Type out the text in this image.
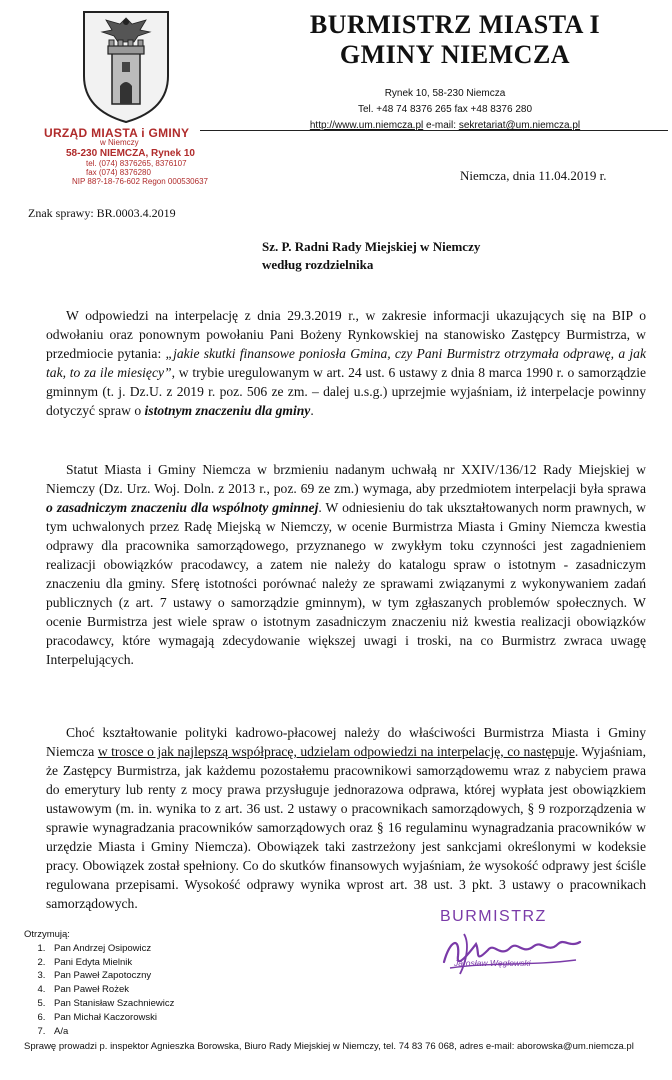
BURMISTRZ MIASTA I
GMINY NIEMCZA
Rynek 10, 58-230 Niemcza
Tel. +48 74 8376 265 fax +48 8376 280
http://www.um.niemcza.pl e-mail: sekretariat@um.niemcza.pl
URZĄD MIASTA i GMINY
w Niemczy
58-230 NIEMCZA, Rynek 10
tel. (074) 8376265, 8376107
fax (074) 8376280
NIP 88?-18-76-602 Regon 000530637
Znak sprawy: BR.0003.4.2019
Niemcza, dnia 11.04.2019 r.
Sz. P. Radni Rady Miejskiej w Niemczy
według rozdzielnika

W odpowiedzi na interpelację z dnia 29.3.2019 r., w zakresie informacji ukazujących się na BIP o odwołaniu oraz ponownym powołaniu Pani Bożeny Rynkowskiej na stanowisko Zastępcy Burmistrza, w przedmiocie pytania: „jakie skutki finansowe poniosła Gmina, czy Pani Burmistrz otrzymała odprawę, a jak tak, to za ile miesięcy”, w trybie uregulowanym w art. 24 ust. 6 ustawy z dnia 8 marca 1990 r. o samorządzie gminnym (t. j. Dz.U. z 2019 r. poz. 506 ze zm. – dalej u.s.g.) uprzejmie wyjaśniam, iż interpelacje powinny dotyczyć spraw o istotnym znaczeniu dla gminy.

Statut Miasta i Gminy Niemcza w brzmieniu nadanym uchwałą nr XXIV/136/12 Rady Miejskiej w Niemczy (Dz. Urz. Woj. Doln. z 2013 r., poz. 69 ze zm.) wymaga, aby przedmiotem interpelacji była sprawa o zasadniczym znaczeniu dla wspólnoty gminnej. W odniesieniu do tak ukształtowanych norm prawnych, w tym uchwalonych przez Radę Miejską w Niemczy, w ocenie Burmistrza Miasta i Gminy Niemcza kwestia odprawy dla pracownika samorządowego, przyznanego w zwykłym toku czynności jest zagadnieniem realizacji obowiązków pracodawcy, a zatem nie należy do katalogu spraw o istotnym - zasadniczym znaczeniu dla gminy. Sferę istotności porównać należy ze sprawami związanymi z wykonywaniem zadań publicznych (z art. 7 ustawy o samorządzie gminnym), w tym zgłaszanych problemów społecznych. W ocenie Burmistrza jest wiele spraw o istotnym zasadniczym znaczeniu niż kwestia realizacji obowiązków pracodawcy, które wymagają zdecydowanie większej uwagi i troski, na co Burmistrz zwraca uwagę Interpelujących.

Choć kształtowanie polityki kadrowo-płacowej należy do właściwości Burmistrza Miasta i Gminy Niemcza w trosce o jak najlepszą współpracę, udzielam odpowiedzi na interpelację, co następuje. Wyjaśniam, że Zastępcy Burmistrza, jak każdemu pozostałemu pracownikowi samorządowemu wraz z nabyciem prawa do emerytury lub renty z mocy prawa przysługuje jednorazowa odprawa, której wypłata jest obowiązkiem ustawowym (m. in. wynika to z art. 36 ust. 2 ustawy o pracownikach samorządowych, § 9 rozporządzenia w sprawie wynagradzania pracowników samorządowych oraz § 16 regulaminu wynagradzania pracowników w urzędzie Miasta i Gminy Niemcza). Obowiązek taki zastrzeżony jest sankcjami określonymi w kodeksie pracy. Obowiązek został spełniony. Co do skutków finansowych wyjaśniam, że wysokość odprawy jest ściśle regulowana przepisami. Wysokość odprawy wynika wprost art. 38 ust. 3 pkt. 3 ustawy o pracownikach samorządowych.

BURMISTRZ
Jarosław Węgłowski
Otrzymują:
1. Pan Andrzej Osipowicz
2. Pani Edyta Mielnik
3. Pan Paweł Zapotoczny
4. Pan Paweł Rożek
5. Pan Stanisław Szachniewicz
6. Pan Michał Kaczorowski
7. A/a
Sprawę prowadzi p. inspektor Agnieszka Borowska, Biuro Rady Miejskiej w Niemczy, tel. 74 83 76 068, adres e-mail: aborowska@um.niemcza.pl
